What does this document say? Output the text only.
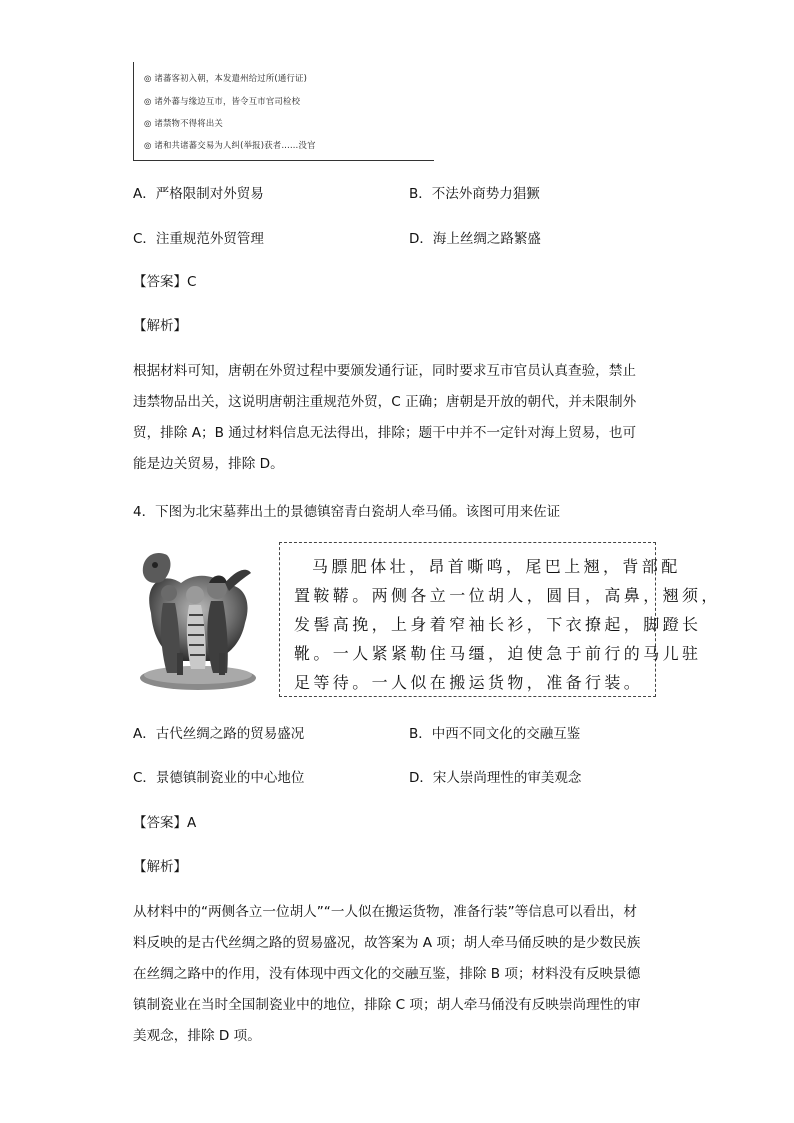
◎ 诸蕃客初入朝，本发遣州给过所(通行证)
◎ 诸外蕃与缘边互市，皆令互市官司检校
◎ 诸禁物不得将出关
◎ 诸和共诸蕃交易为人纠(举报)获者……没官
A．严格限制对外贸易	B．不法外商势力猖獗
C．注重规范外贸管理	D．海上丝绸之路繁盛
【答案】C
【解析】
根据材料可知，唐朝在外贸过程中要颁发通行证，同时要求互市官员认真查验，禁止
违禁物品出关，这说明唐朝注重规范外贸，C 正确；唐朝是开放的朝代，并未限制外
贸，排除 A；B 通过材料信息无法得出，排除；题干中并不一定针对海上贸易，也可
能是边关贸易，排除 D。
4．下图为北宋墓葬出土的景德镇窑青白瓷胡人牵马俑。该图可用来佐证
马膘肥体壮，昂首嘶鸣，尾巴上翘，背部配
置鞍鞯。两侧各立一位胡人，圆目，高鼻，翘须，
发髻高挽，上身着窄袖长衫，下衣撩起，脚蹬长
靴。一人紧紧勒住马缰，迫使急于前行的马儿驻
足等待。一人似在搬运货物，准备行装。
A．古代丝绸之路的贸易盛况	B．中西不同文化的交融互鉴
C．景德镇制瓷业的中心地位	D．宋人崇尚理性的审美观念
【答案】A
【解析】
从材料中的“两侧各立一位胡人”“一人似在搬运货物，准备行装”等信息可以看出，材
料反映的是古代丝绸之路的贸易盛况，故答案为 A 项；胡人牵马俑反映的是少数民族
在丝绸之路中的作用，没有体现中西文化的交融互鉴，排除 B 项；材料没有反映景德
镇制瓷业在当时全国制瓷业中的地位，排除 C 项；胡人牵马俑没有反映崇尚理性的审
美观念，排除 D 项。
